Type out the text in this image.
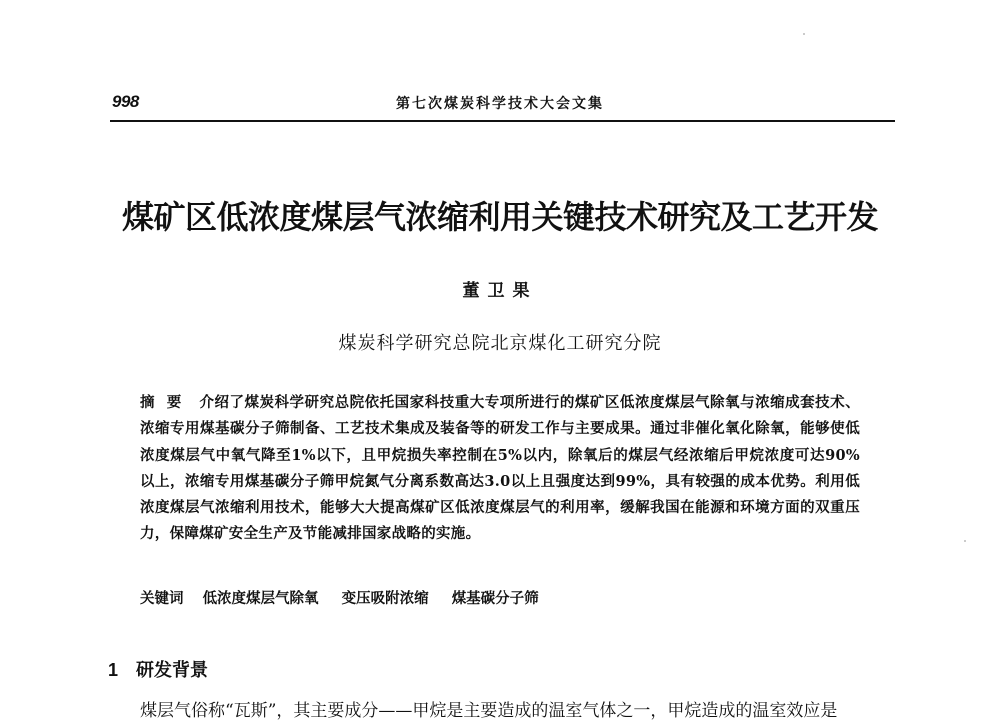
998	第七次煤炭科学技术大会文集
煤矿区低浓度煤层气浓缩利用关键技术研究及工艺开发
董卫果
煤炭科学研究总院北京煤化工研究分院

摘要 介绍了煤炭科学研究总院依托国家科技重大专项所进行的煤矿区低浓度煤层气除氧与浓缩成套技术、浓缩专用煤基碳分子筛制备、工艺技术集成及装备等的研发工作与主要成果。通过非催化氧化除氧，能够使低浓度煤层气中氧气降至1%以下，且甲烷损失率控制在5%以内，除氧后的煤层气经浓缩后甲烷浓度可达90%以上，浓缩专用煤基碳分子筛甲烷氮气分离系数高达3.0以上且强度达到99%，具有较强的成本优势。利用低浓度煤层气浓缩利用技术，能够大大提高煤矿区低浓度煤层气的利用率，缓解我国在能源和环境方面的双重压力，保障煤矿安全生产及节能减排国家战略的实施。

关键词 低浓度煤层气除氧 变压吸附浓缩 煤基碳分子筛
1 研发背景
煤层气俗称“瓦斯”，其主要成分——甲烷是主要造成的温室气体之一，甲烷造成的温室效应是
